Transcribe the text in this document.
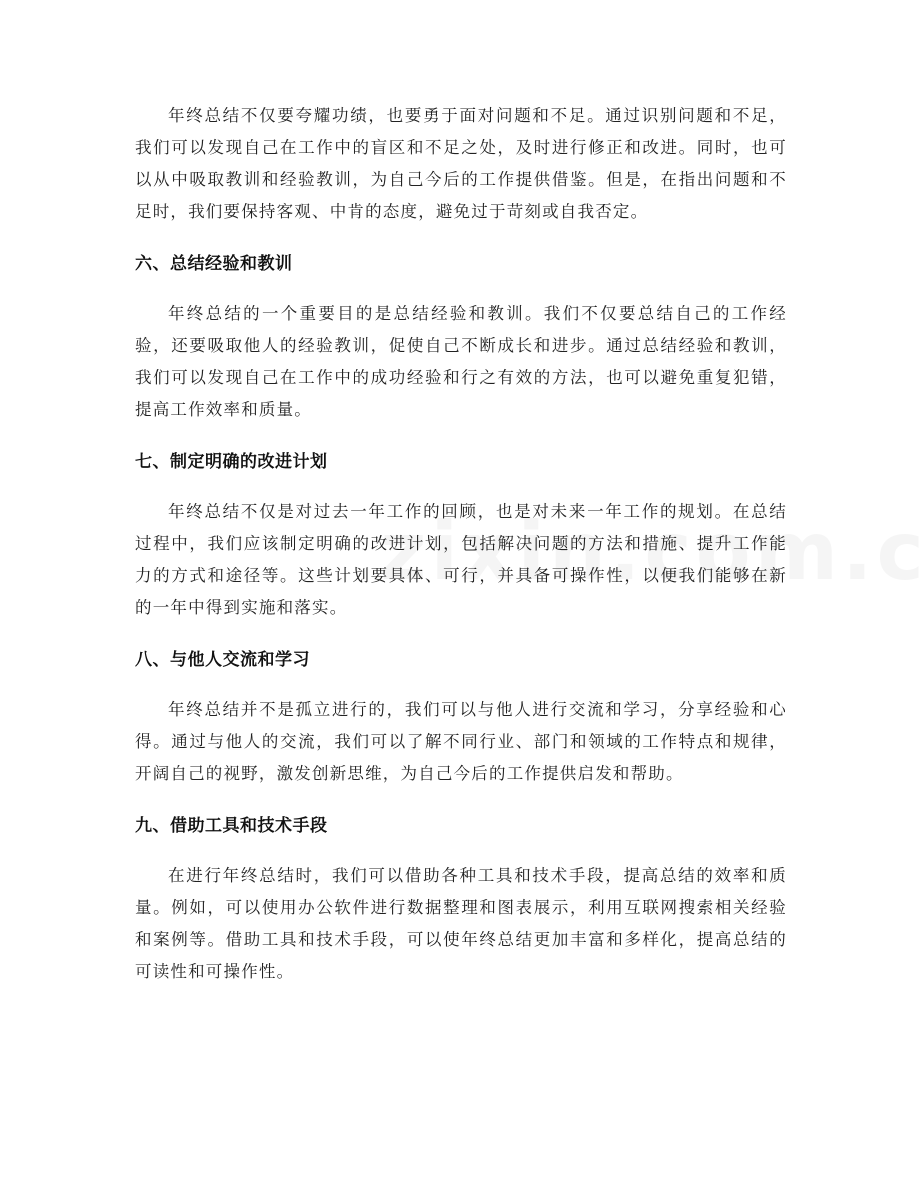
年终总结不仅要夸耀功绩，也要勇于面对问题和不足。通过识别问题和不足，我们可以发现自己在工作中的盲区和不足之处，及时进行修正和改进。同时，也可以从中吸取教训和经验教训，为自己今后的工作提供借鉴。但是，在指出问题和不足时，我们要保持客观、中肯的态度，避免过于苛刻或自我否定。

六、总结经验和教训

年终总结的一个重要目的是总结经验和教训。我们不仅要总结自己的工作经验，还要吸取他人的经验教训，促使自己不断成长和进步。通过总结经验和教训，我们可以发现自己在工作中的成功经验和行之有效的方法，也可以避免重复犯错，提高工作效率和质量。

七、制定明确的改进计划

年终总结不仅是对过去一年工作的回顾，也是对未来一年工作的规划。在总结过程中，我们应该制定明确的改进计划，包括解决问题的方法和措施、提升工作能力的方式和途径等。这些计划要具体、可行，并具备可操作性，以便我们能够在新的一年中得到实施和落实。

八、与他人交流和学习

年终总结并不是孤立进行的，我们可以与他人进行交流和学习，分享经验和心得。通过与他人的交流，我们可以了解不同行业、部门和领域的工作特点和规律，开阔自己的视野，激发创新思维，为自己今后的工作提供启发和帮助。

九、借助工具和技术手段

在进行年终总结时，我们可以借助各种工具和技术手段，提高总结的效率和质量。例如，可以使用办公软件进行数据整理和图表展示，利用互联网搜索相关经验和案例等。借助工具和技术手段，可以使年终总结更加丰富和多样化，提高总结的可读性和可操作性。
